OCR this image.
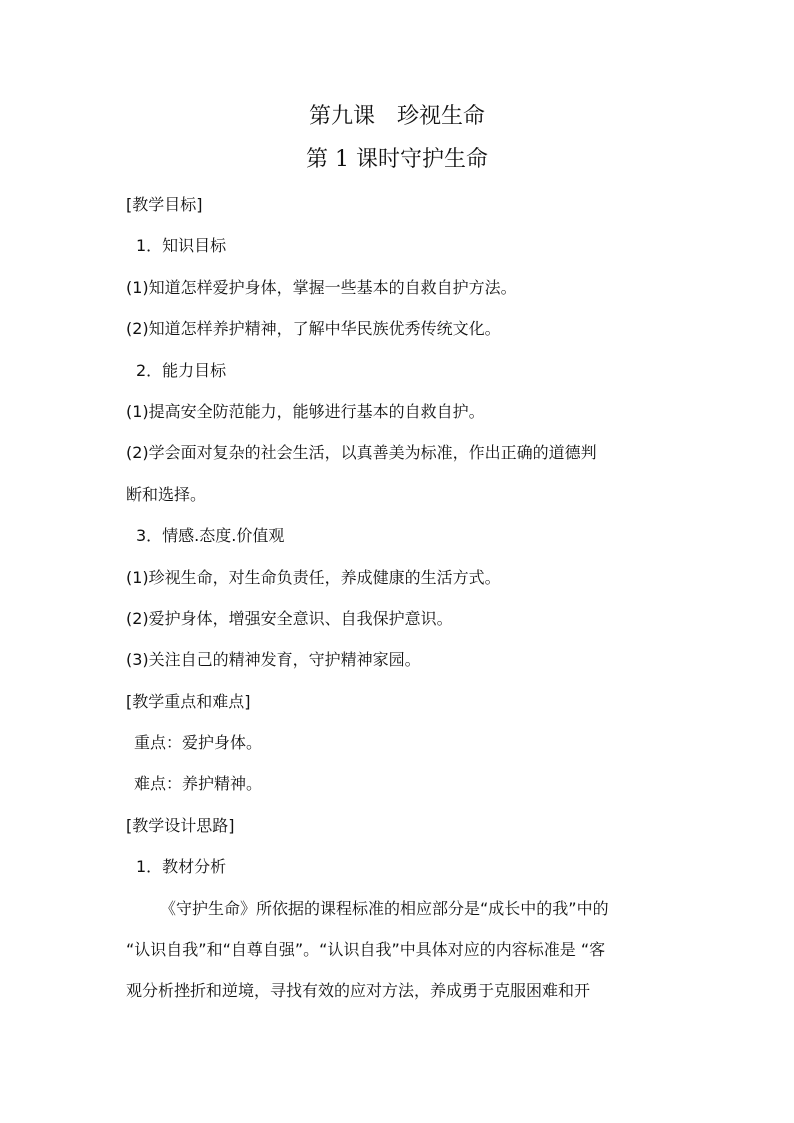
第九课　珍视生命
第 1 课时守护生命
[教学目标]
1．知识目标
(1)知道怎样爱护身体，掌握一些基本的自救自护方法。
(2)知道怎样养护精神，了解中华民族优秀传统文化。
2．能力目标
(1)提高安全防范能力，能够进行基本的自救自护。
(2)学会面对复杂的社会生活，以真善美为标准，作出正确的道德判
断和选择。
3．情感.态度.价值观
(1)珍视生命，对生命负责任，养成健康的生活方式。
(2)爱护身体，增强安全意识、自我保护意识。
(3)关注自己的精神发育，守护精神家园。
[教学重点和难点]
重点：爱护身体。
难点：养护精神。
[教学设计思路]
1．教材分析
《守护生命》所依据的课程标准的相应部分是“成长中的我”中的
“认识自我”和“自尊自强”。“认识自我”中具体对应的内容标准是 “客
观分析挫折和逆境，寻找有效的应对方法，养成勇于克服困难和开
